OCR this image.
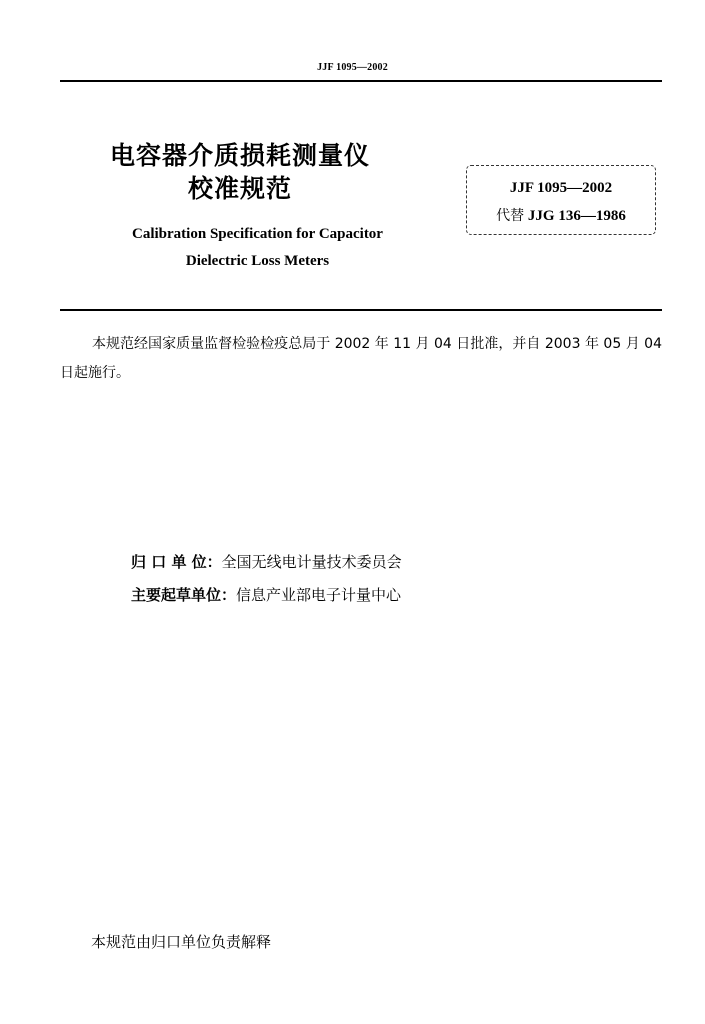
JJF 1095—2002
电容器介质损耗测量仪
校准规范
Calibration Specification for Capacitor
Dielectric Loss Meters
JJF 1095—2002
代替 JJG 136—1986
本规范经国家质量监督检验检疫总局于 2002 年 11 月 04 日批准，并自 2003 年 05 月 04 日起施行。
归 口 单 位：全国无线电计量技术委员会
主要起草单位：信息产业部电子计量中心
本规范由归口单位负责解释
